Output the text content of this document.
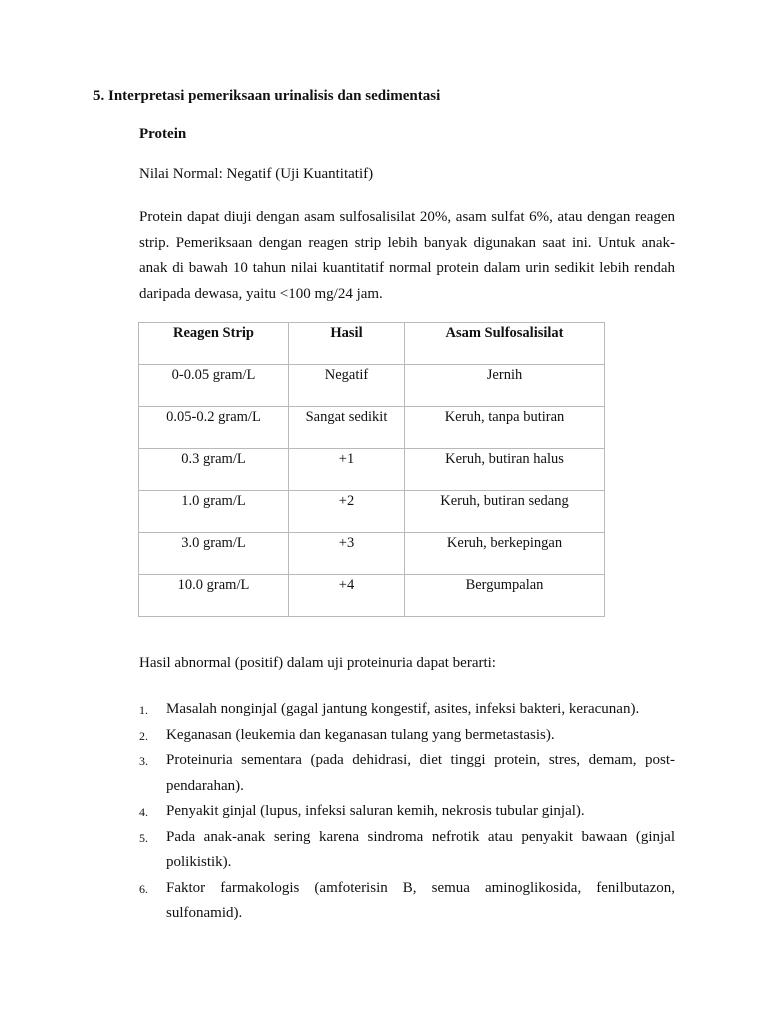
5. Interpretasi pemeriksaan urinalisis dan sedimentasi
Protein
Nilai Normal: Negatif (Uji Kuantitatif)

Protein dapat diuji dengan asam sulfosalisilat 20%, asam sulfat 6%, atau dengan reagen strip. Pemeriksaan dengan reagen strip lebih banyak digunakan saat ini. Untuk anak-anak di bawah 10 tahun nilai kuantitatif normal protein dalam urin sedikit lebih rendah daripada dewasa, yaitu <100 mg/24 jam.

Reagen Strip	Hasil	Asam Sulfosalisilat
0-0.05 gram/L	Negatif	Jernih
0.05-0.2 gram/L	Sangat sedikit	Keruh, tanpa butiran
0.3 gram/L	+1	Keruh, butiran halus
1.0 gram/L	+2	Keruh, butiran sedang
3.0 gram/L	+3	Keruh, berkepingan
10.0 gram/L	+4	Bergumpalan
Hasil abnormal (positif) dalam uji proteinuria dapat berarti:
1. Masalah nonginjal (gagal jantung kongestif, asites, infeksi bakteri, keracunan).
2. Keganasan (leukemia dan keganasan tulang yang bermetastasis).
3. Proteinuria sementara (pada dehidrasi, diet tinggi protein, stres, demam, post-pendarahan).
4. Penyakit ginjal (lupus, infeksi saluran kemih, nekrosis tubular ginjal).
5. Pada anak-anak sering karena sindroma nefrotik atau penyakit bawaan (ginjal polikistik).
6. Faktor farmakologis (amfoterisin B, semua aminoglikosida, fenilbutazon, sulfonamid).
